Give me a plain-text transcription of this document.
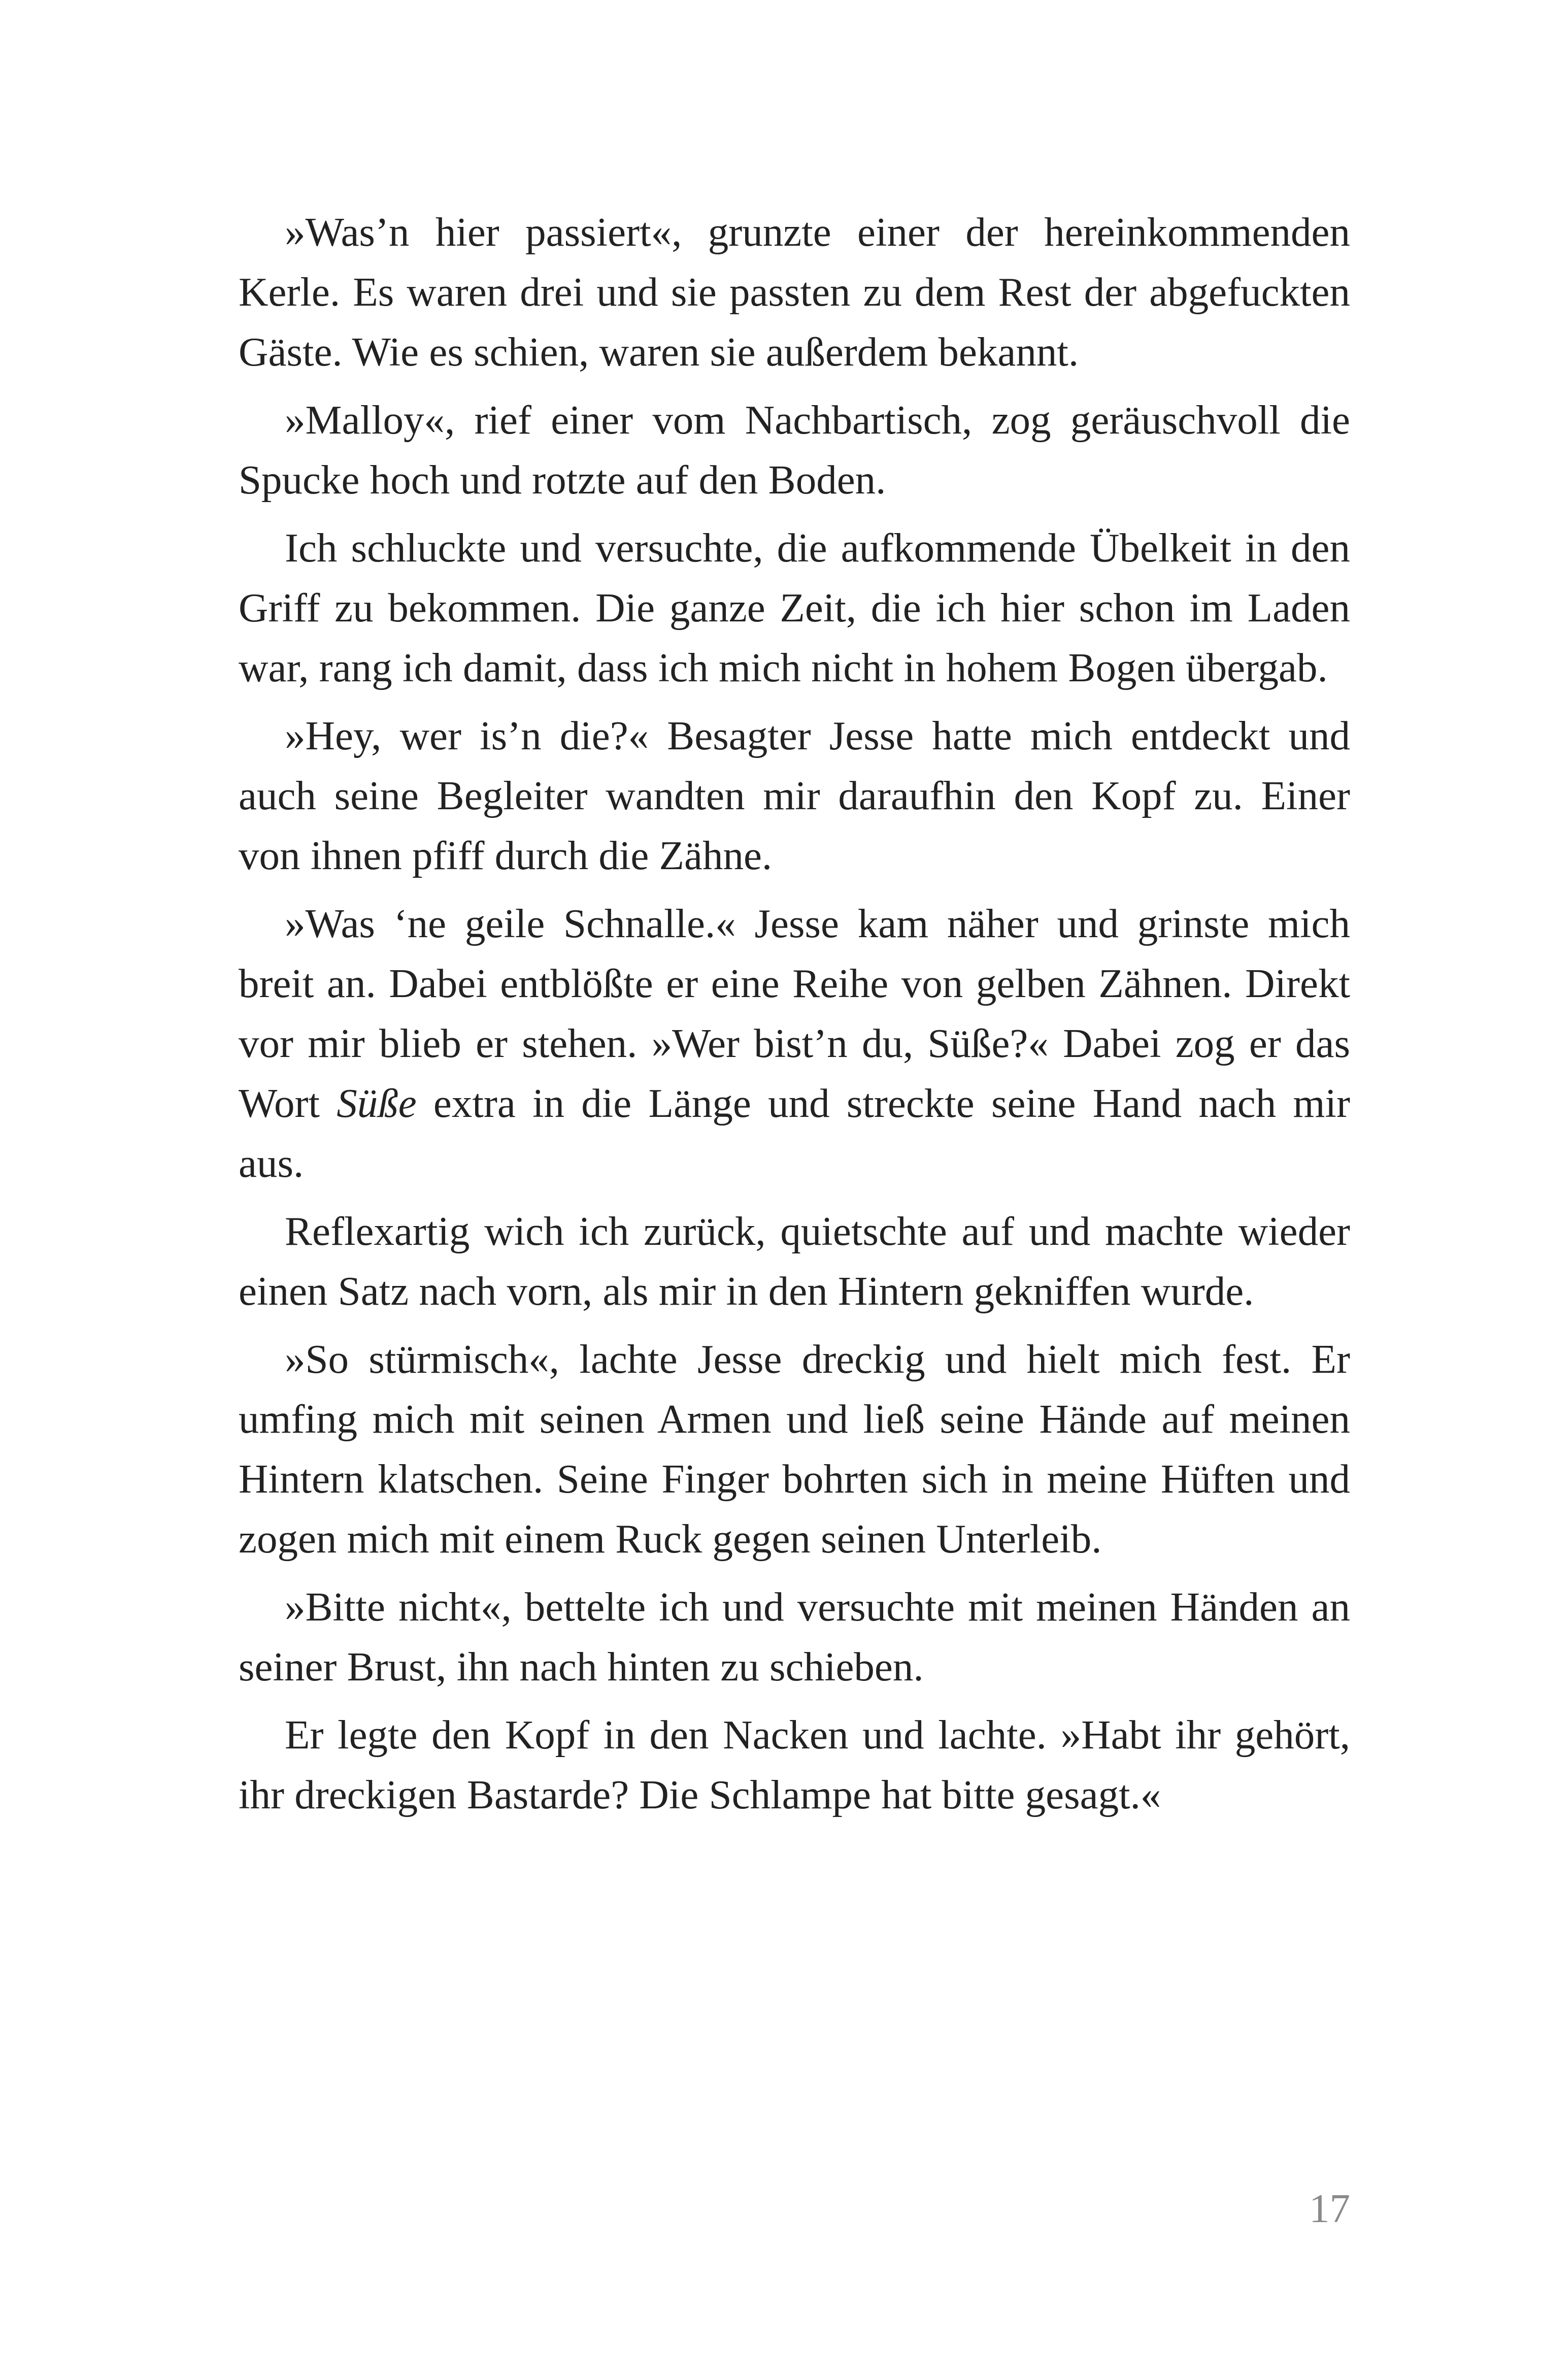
»Was’n hier passiert«, grunzte einer der hereinkommenden Kerle. Es waren drei und sie passten zu dem Rest der abgefuckten Gäste. Wie es schien, waren sie außerdem bekannt.

»Malloy«, rief einer vom Nachbartisch, zog geräuschvoll die Spucke hoch und rotzte auf den Boden.

Ich schluckte und versuchte, die aufkommende Übelkeit in den Griff zu bekommen. Die ganze Zeit, die ich hier schon im Laden war, rang ich damit, dass ich mich nicht in hohem Bogen übergab.

»Hey, wer is’n die?« Besagter Jesse hatte mich entdeckt und auch seine Begleiter wandten mir daraufhin den Kopf zu. Einer von ihnen pfiff durch die Zähne.

»Was ‘ne geile Schnalle.« Jesse kam näher und grinste mich breit an. Dabei entblößte er eine Reihe von gelben Zähnen. Direkt vor mir blieb er stehen. »Wer bist’n du, Süße?« Dabei zog er das Wort Süße extra in die Länge und streckte seine Hand nach mir aus.

Reflexartig wich ich zurück, quietschte auf und machte wieder einen Satz nach vorn, als mir in den Hintern gekniffen wurde.

»So stürmisch«, lachte Jesse dreckig und hielt mich fest. Er umfing mich mit seinen Armen und ließ seine Hände auf meinen Hintern klatschen. Seine Finger bohrten sich in meine Hüften und zogen mich mit einem Ruck gegen seinen Unterleib.

»Bitte nicht«, bettelte ich und versuchte mit meinen Händen an seiner Brust, ihn nach hinten zu schieben.

Er legte den Kopf in den Nacken und lachte. »Habt ihr gehört, ihr dreckigen Bastarde? Die Schlampe hat bitte gesagt.«

17
